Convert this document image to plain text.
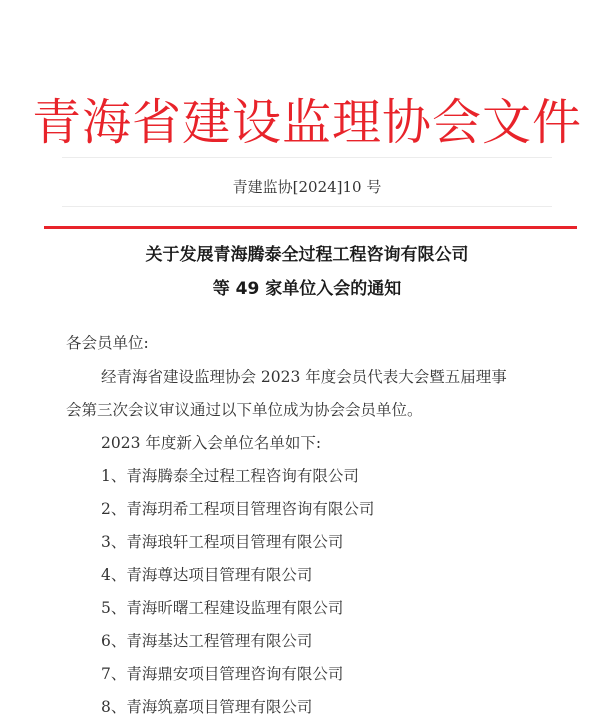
青海省建设监理协会文件
青建监协[2024]10 号
关于发展青海腾泰全过程工程咨询有限公司
等 49 家单位入会的通知
各会员单位:
经青海省建设监理协会 2023 年度会员代表大会暨五届理事
会第三次会议审议通过以下单位成为协会会员单位。
2023 年度新入会单位名单如下:
1、青海腾泰全过程工程咨询有限公司
2、青海玥希工程项目管理咨询有限公司
3、青海琅轩工程项目管理有限公司
4、青海尊达项目管理有限公司
5、青海昕曙工程建设监理有限公司
6、青海基达工程管理有限公司
7、青海鼎安项目管理咨询有限公司
8、青海筑嘉项目管理有限公司
